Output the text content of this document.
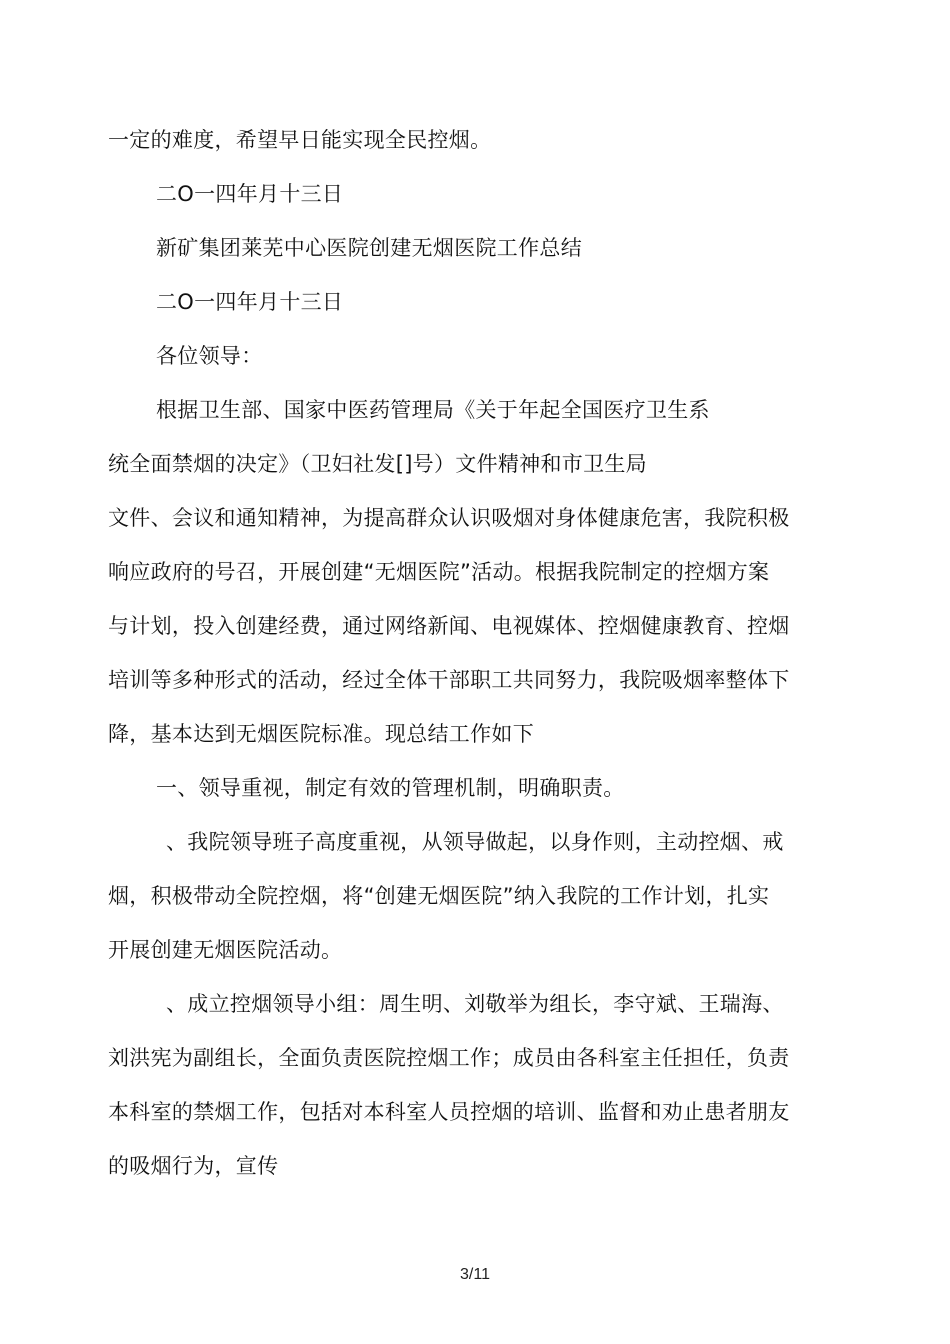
一定的难度，希望早日能实现全民控烟。
二O一四年月十三日
新矿集团莱芜中心医院创建无烟医院工作总结
二O一四年月十三日
各位领导：
根据卫生部、国家中医药管理局《关于年起全国医疗卫生系
统全面禁烟的决定》（卫妇社发[]号）文件精神和市卫生局
文件、会议和通知精神，为提高群众认识吸烟对身体健康危害，我院积极
响应政府的号召，开展创建“无烟医院”活动。根据我院制定的控烟方案
与计划，投入创建经费，通过网络新闻、电视媒体、控烟健康教育、控烟
培训等多种形式的活动，经过全体干部职工共同努力，我院吸烟率整体下
降，基本达到无烟医院标准。现总结工作如下
一、领导重视，制定有效的管理机制，明确职责。
、我院领导班子高度重视，从领导做起，以身作则，主动控烟、戒
烟，积极带动全院控烟，将“创建无烟医院”纳入我院的工作计划，扎实
开展创建无烟医院活动。
、成立控烟领导小组：周生明、刘敬举为组长，李守斌、王瑞海、
刘洪宪为副组长，全面负责医院控烟工作；成员由各科室主任担任，负责
本科室的禁烟工作，包括对本科室人员控烟的培训、监督和劝止患者朋友
的吸烟行为，宣传
3/11
